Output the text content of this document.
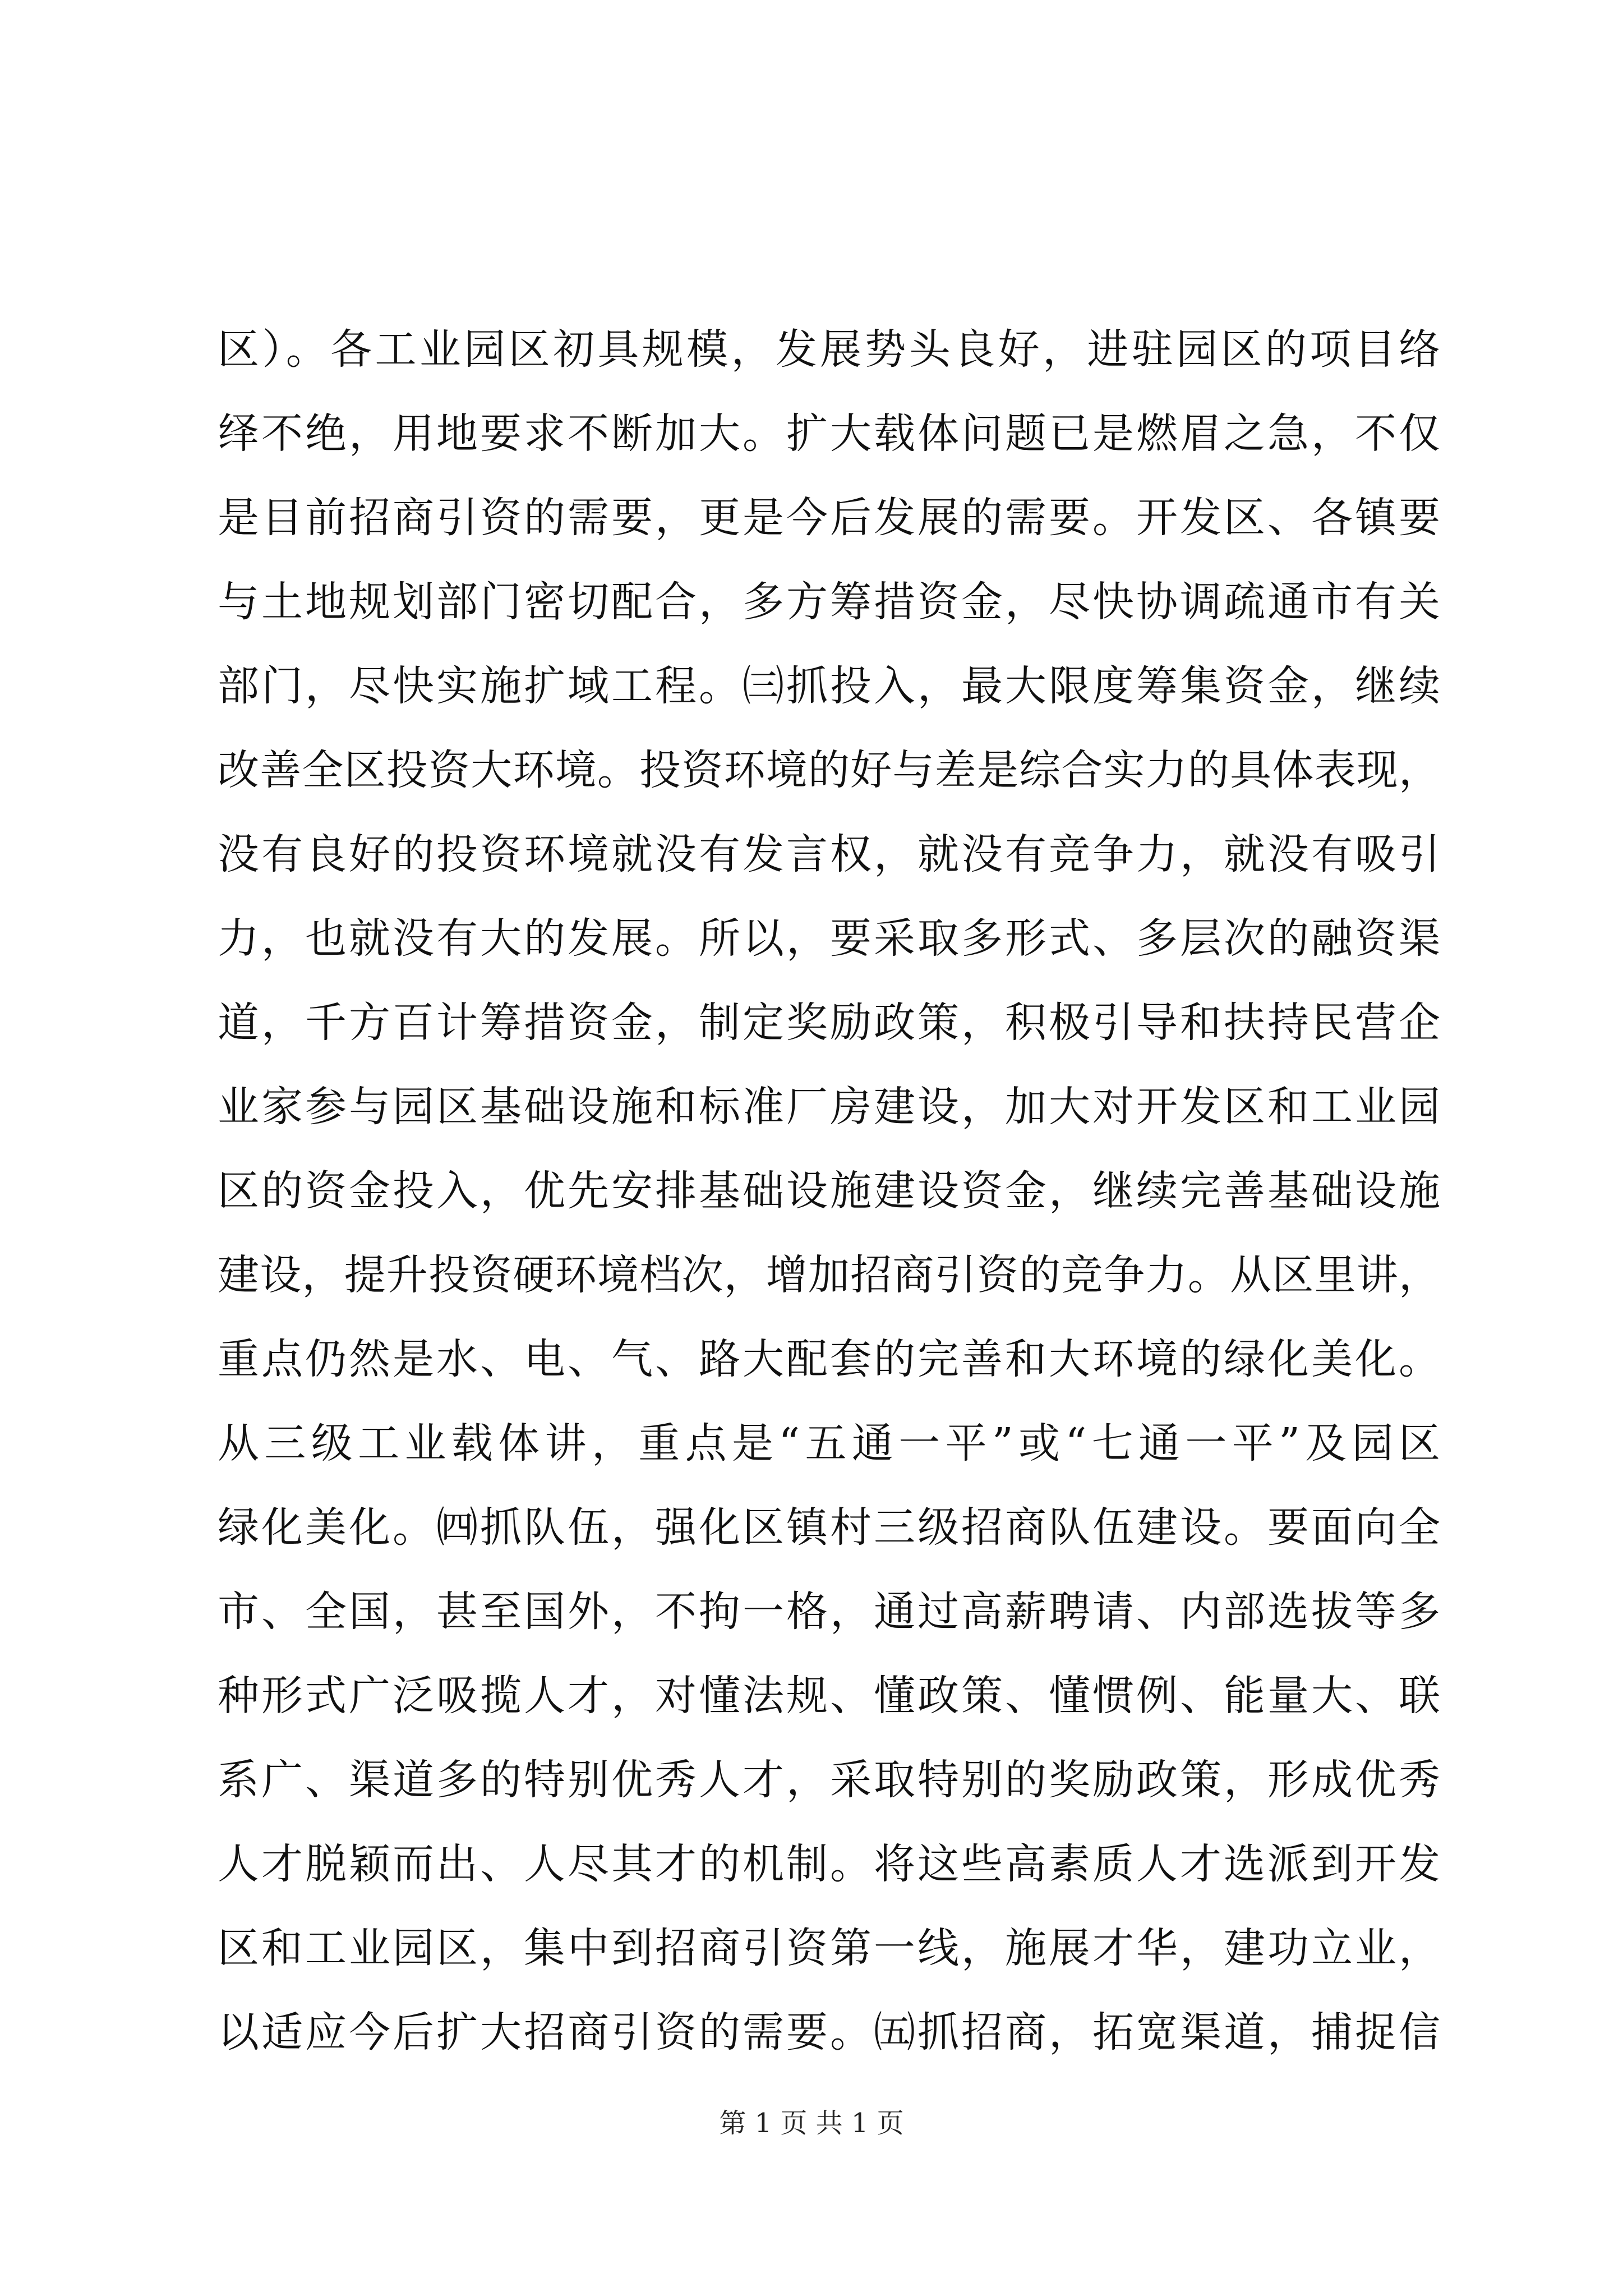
区）。各工业园区初具规模，发展势头良好，进驻园区的项目络
绎不绝，用地要求不断加大。扩大载体问题已是燃眉之急，不仅
是目前招商引资的需要，更是今后发展的需要。开发区、各镇要
与土地规划部门密切配合，多方筹措资金，尽快协调疏通市有关
部门，尽快实施扩域工程。㈢抓投入，最大限度筹集资金，继续
改善全区投资大环境。投资环境的好与差是综合实力的具体表现，
没有良好的投资环境就没有发言权，就没有竞争力，就没有吸引
力，也就没有大的发展。所以，要采取多形式、多层次的融资渠
道，千方百计筹措资金，制定奖励政策，积极引导和扶持民营企
业家参与园区基础设施和标准厂房建设，加大对开发区和工业园
区的资金投入，优先安排基础设施建设资金，继续完善基础设施
建设，提升投资硬环境档次，增加招商引资的竞争力。从区里讲，
重点仍然是水、电、气、路大配套的完善和大环境的绿化美化。
从三级工业载体讲，重点是“五通一平”或“七通一平”及园区
绿化美化。㈣抓队伍，强化区镇村三级招商队伍建设。要面向全
市、全国，甚至国外，不拘一格，通过高薪聘请、内部选拔等多
种形式广泛吸揽人才，对懂法规、懂政策、懂惯例、能量大、联
系广、渠道多的特别优秀人才，采取特别的奖励政策，形成优秀
人才脱颖而出、人尽其才的机制。将这些高素质人才选派到开发
区和工业园区，集中到招商引资第一线，施展才华，建功立业，
以适应今后扩大招商引资的需要。㈤抓招商，拓宽渠道，捕捉信
第 1 页 共 1 页
